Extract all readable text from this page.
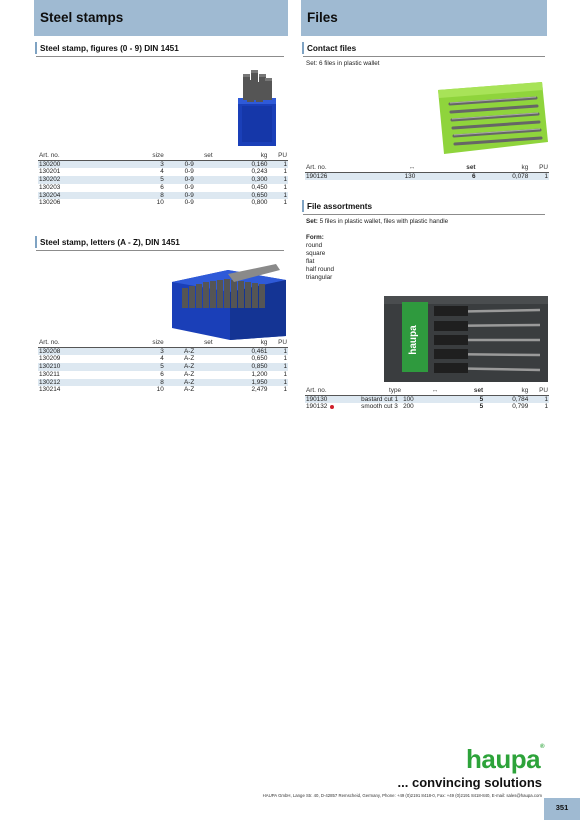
Steel stamps	Files
Steel stamp, figures (0 - 9) DIN 1451
Art. no.	size	set	kg	PU
130200	3	0-9	0,160	1
130201	4	0-9	0,243	1
130202	5	0-9	0,300	1
130203	6	0-9	0,450	1
130204	8	0-9	0,650	1
130206	10	0-9	0,800	1
Steel stamp, letters (A - Z), DIN 1451
Art. no.	size	set	kg	PU
130208	3	A-Z	0,461	1
130209	4	A-Z	0,650	1
130210	5	A-Z	0,850	1
130211	6	A-Z	1,200	1
130212	8	A-Z	1,950	1
130214	10	A-Z	2,479	1
Contact files
Set: 6 files in plastic wallet
Art. no.	↔	set	kg	PU
190126	130	6	0,078	1
File assortments
Set: 5 files in plastic wallet, files with plastic handle
Form:
round
square
flat
half round
triangular
haupa
Art. no.	type	↔	set	kg	PU
190130	bastard cut 1	100	5	0,784	1
190132	smooth cut 3	200	5	0,799	1
haupa®
... convincing solutions
HAUPA GmbH, Lange Str. 40, D-42857 Remscheid, Germany, Phone: +49 (0)2191 8418-0, Fax: +49 (0)2191 8418-840, E-mail: sales@haupa.com
351
